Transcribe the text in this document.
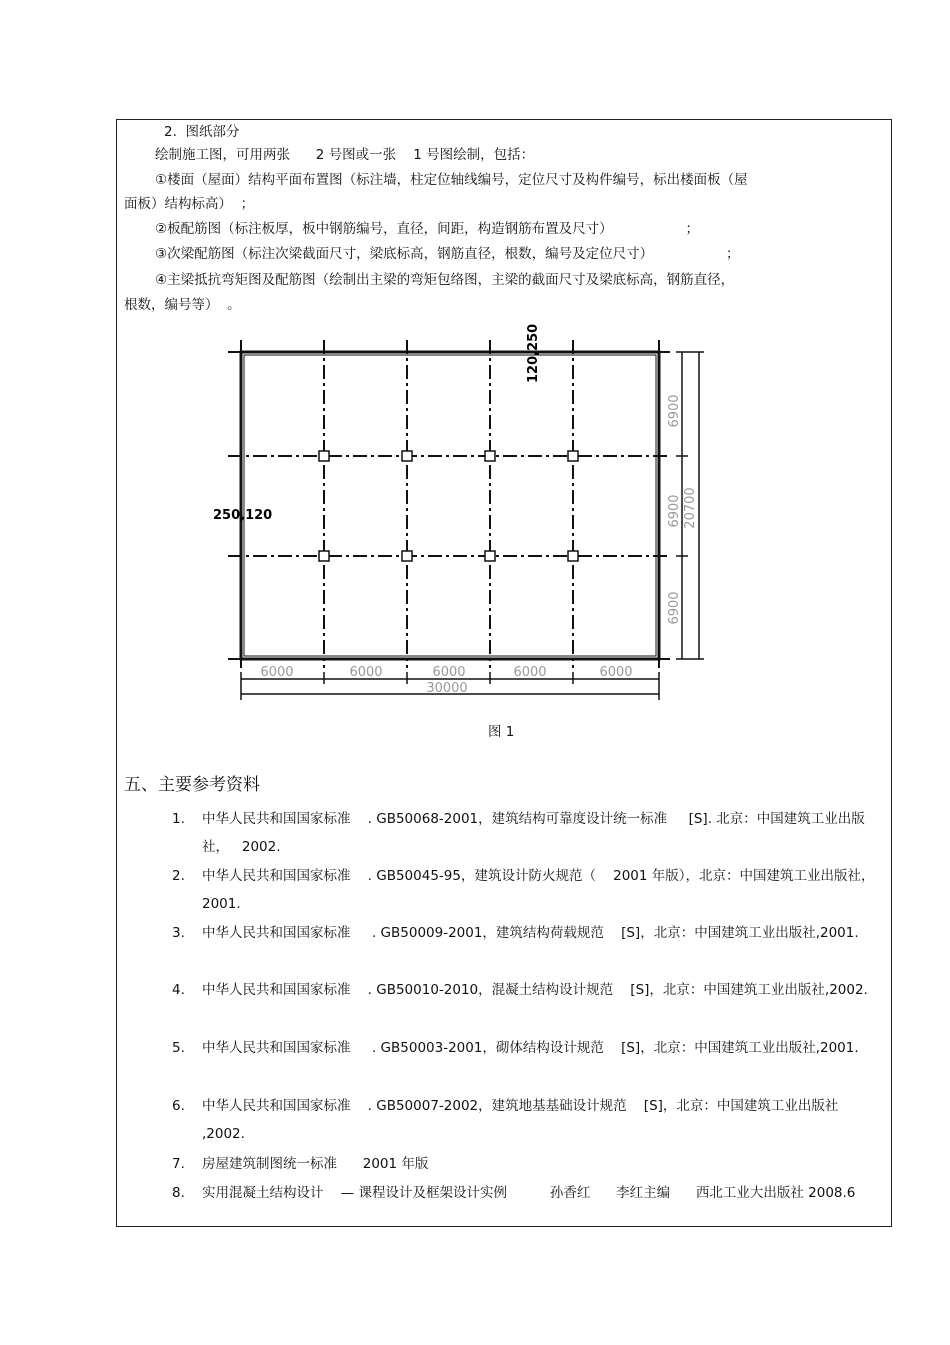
2.  图纸部分
绘制施工图，可用两张      2 号图或一张    1 号图绘制，包括：
①楼面（屋面）结构平面布置图（标注墙，柱定位轴线编号，定位尺寸及构件编号，标出楼面板（屋
面板）结构标高）  ；
②板配筋图（标注板厚，板中钢筋编号，直径，间距，构造钢筋布置及尺寸）                 ；
③次梁配筋图（标注次梁截面尺寸，梁底标高，钢筋直径，根数，编号及定位尺寸）                 ；
④主梁抵抗弯矩图及配筋图（绘制出主梁的弯矩包络图，主梁的截面尺寸及梁底标高，钢筋直径，
根数，编号等）  。
120,250
250,120
6000	6000	6000	6000	6000
30000
6900
6900
6900
20700
图 1
五、主要参考资料
1. 中华人民共和国国家标准    . GB50068-2001，建筑结构可靠度设计统一标准     [S]. 北京：中国建筑工业出版社，   2002.
2. 中华人民共和国国家标准    . GB50045-95，建筑设计防火规范（    2001 年版），北京：中国建筑工业出版社，   2001.
3. 中华人民共和国国家标准     . GB50009-2001，建筑结构荷载规范    [S]，北京：中国建筑工业出版社,2001.
4. 中华人民共和国国家标准    . GB50010-2010，混凝土结构设计规范    [S]，北京：中国建筑工业出版社,2002.
5. 中华人民共和国国家标准     . GB50003-2001，砌体结构设计规范    [S]，北京：中国建筑工业出版社,2001.
6. 中华人民共和国国家标准    . GB50007-2002，建筑地基基础设计规范    [S]，北京：中国建筑工业出版社 ,2002.
7. 房屋建筑制图统一标准      2001 年版
8. 实用混凝土结构设计    — 课程设计及框架设计实例          孙香红      李红主编      西北工业大出版社 2008.6
